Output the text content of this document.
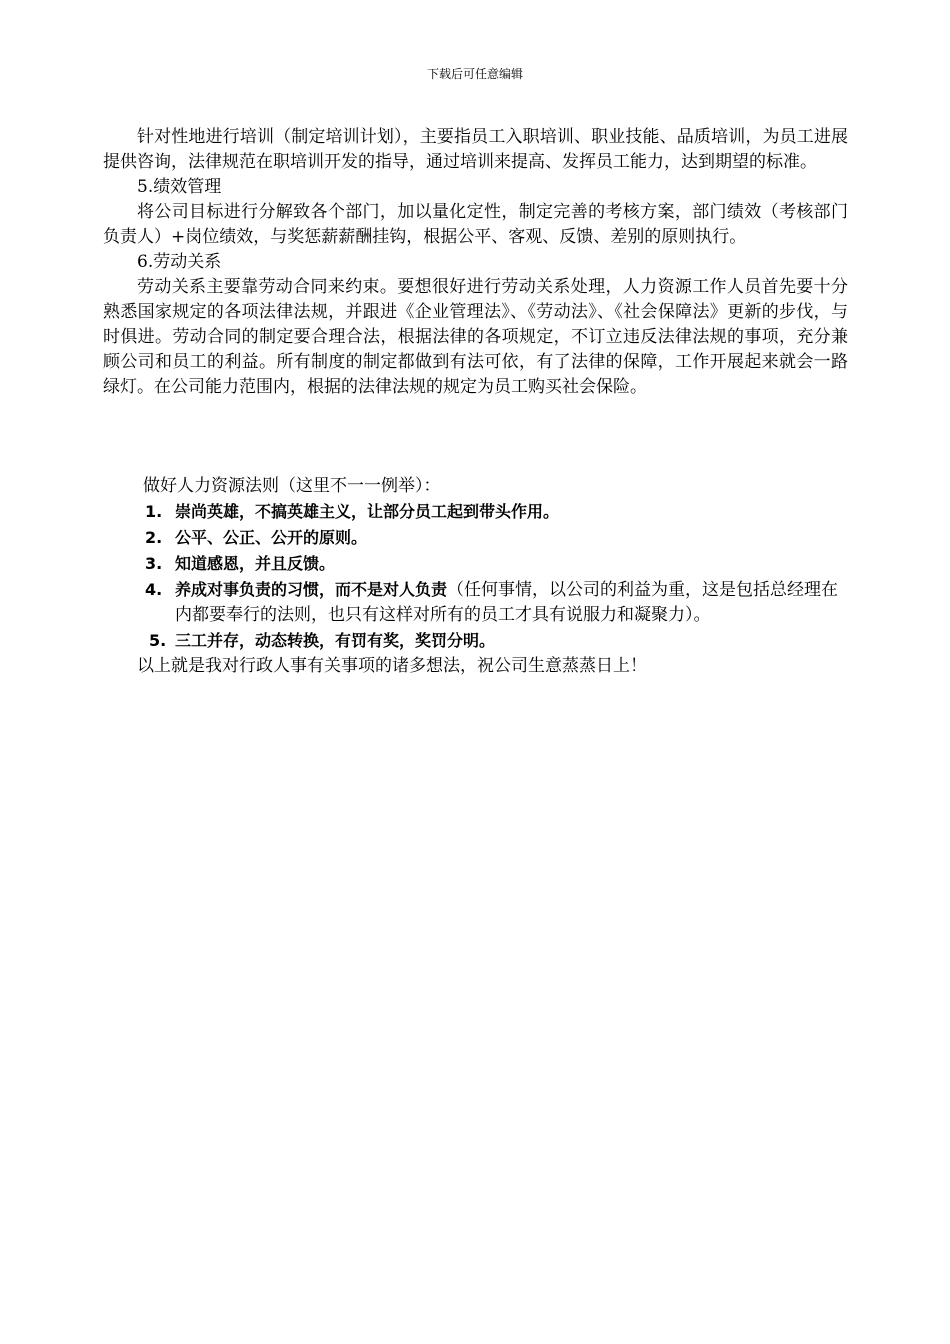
下载后可任意编辑

针对性地进行培训（制定培训计划），主要指员工入职培训、职业技能、品质培训，为员工进展提供咨询，法律规范在职培训开发的指导，通过培训来提高、发挥员工能力，达到期望的标准。

5.绩效管理

将公司目标进行分解致各个部门，加以量化定性，制定完善的考核方案，部门绩效（考核部门负责人）+岗位绩效，与奖惩薪薪酬挂钩，根据公平、客观、反馈、差别的原则执行。

6.劳动关系

劳动关系主要靠劳动合同来约束。要想很好进行劳动关系处理，人力资源工作人员首先要十分熟悉国家规定的各项法律法规，并跟进《企业管理法》、《劳动法》、《社会保障法》更新的步伐，与时俱进。劳动合同的制定要合理合法，根据法律的各项规定，不订立违反法律法规的事项，充分兼顾公司和员工的利益。所有制度的制定都做到有法可依，有了法律的保障，工作开展起来就会一路绿灯。在公司能力范围内，根据的法律法规的规定为员工购买社会保险。

做好人力资源法则（这里不一一例举）：

1. 崇尚英雄，不搞英雄主义，让部分员工起到带头作用。
2. 公平、公正、公开的原则。
3. 知道感恩，并且反馈。
4. 养成对事负责的习惯，而不是对人负责（任何事情，以公司的利益为重，这是包括总经理在内都要奉行的法则，也只有这样对所有的员工才具有说服力和凝聚力）。
5. 三工并存，动态转换，有罚有奖，奖罚分明。

以上就是我对行政人事有关事项的诸多想法，祝公司生意蒸蒸日上！
